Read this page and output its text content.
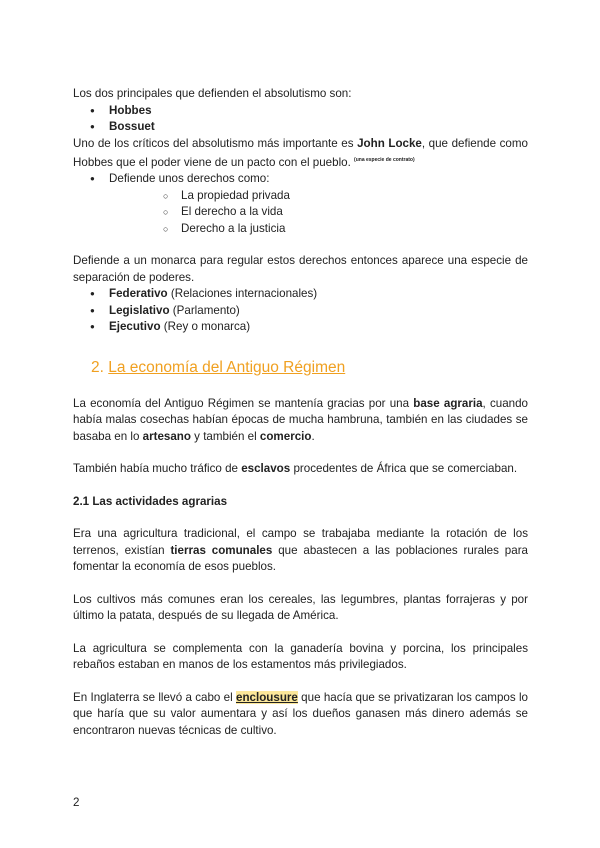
Los dos principales que defienden el absolutismo son:

● Hobbes
● Bossuet

Uno de los críticos del absolutismo más importante es John Locke, que defiende como Hobbes que el poder viene de un pacto con el pueblo. $^{(una especie de contrato)}$

● Defiende unos derechos como:
○ La propiedad privada
○ El derecho a la vida
○ Derecho a la justicia

Defiende a un monarca para regular estos derechos entonces aparece una especie de separación de poderes.

● Federativo (Relaciones internacionales)
● Legislativo (Parlamento)
● Ejecutivo (Rey o monarca)
2. La economía del Antiguo Régimen

La economía del Antiguo Régimen se mantenía gracias por una base agraria, cuando había malas cosechas habían épocas de mucha hambruna, también en las ciudades se basaba en lo artesano y también el comercio.

También había mucho tráfico de esclavos procedentes de África que se comerciaban.

2.1 Las actividades agrarias

Era una agricultura tradicional, el campo se trabajaba mediante la rotación de los terrenos, existían tierras comunales que abastecen a las poblaciones rurales para fomentar la economía de esos pueblos.

Los cultivos más comunes eran los cereales, las legumbres, plantas forrajeras y por último la patata, después de su llegada de América.

La agricultura se complementa con la ganadería bovina y porcina, los principales rebaños estaban en manos de los estamentos más privilegiados.

En Inglaterra se llevó a cabo el enclousure que hacía que se privatizaran los campos lo que haría que su valor aumentara y así los dueños ganasen más dinero además se encontraron nuevas técnicas de cultivo.

2
